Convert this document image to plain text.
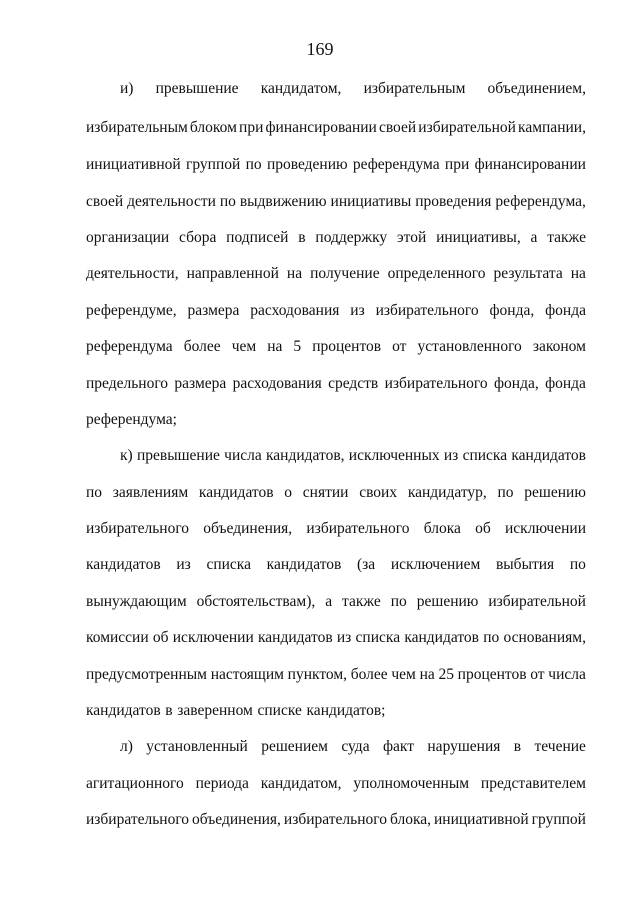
169
и) превышение кандидатом, избирательным объединением,
избирательным блоком при финансировании своей избирательной кампании,
инициативной группой по проведению референдума при финансировании
своей деятельности по выдвижению инициативы проведения референдума,
организации сбора подписей в поддержку этой инициативы, а также
деятельности, направленной на получение определенного результата на
референдуме, размера расходования из избирательного фонда, фонда
референдума более чем на 5 процентов от установленного законом
предельного размера расходования средств избирательного фонда, фонда
референдума;
к) превышение числа кандидатов, исключенных из списка кандидатов
по заявлениям кандидатов о снятии своих кандидатур, по решению
избирательного объединения, избирательного блока об исключении
кандидатов из списка кандидатов (за исключением выбытия по
вынуждающим обстоятельствам), а также по решению избирательной
комиссии об исключении кандидатов из списка кандидатов по основаниям,
предусмотренным настоящим пунктом, более чем на 25 процентов от числа
кандидатов в заверенном списке кандидатов;
л) установленный решением суда факт нарушения в течение
агитационного периода кандидатом, уполномоченным представителем
избирательного объединения, избирательного блока, инициативной группой
